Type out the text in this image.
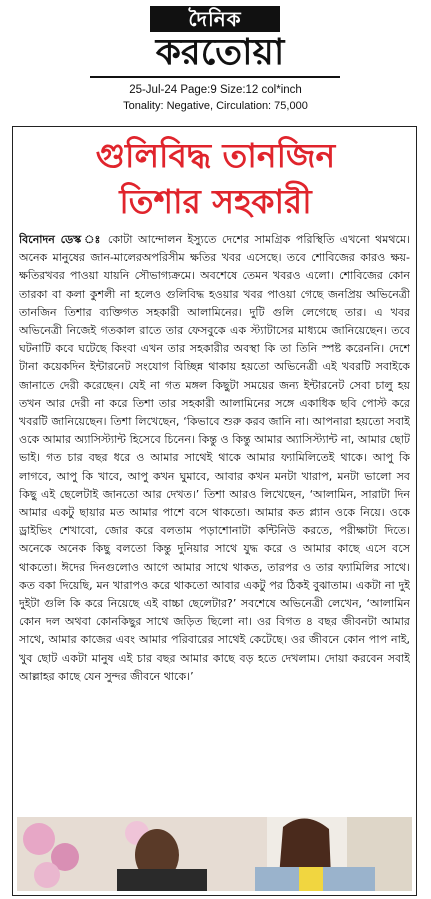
দৈনিক
করতোয়া
25-Jul-24 Page:9 Size:12 col*inch
Tonality: Negative, Circulation: 75,000
গুলিবিদ্ধ তানজিন
তিশার সহকারী
বিনোদন ডেস্ক ঃ কোটা আন্দোলন ইস্যুতে দেশের সামগ্রিক পরিস্থিতি এখনো থমথমে। অনেক মানুষের জান-মালেরঅপরিসীম ক্ষতির খবর এসেছে। তবে শোবিজের কারও ক্ষয়-ক্ষতিরখবর পাওয়া যায়নি সৌভাগ্যক্রমে। অবশেষে তেমন খবরও এলো। শোবিজের কোন তারকা বা কলা কুশলী না হলেও গুলিবিদ্ধ হওয়ার খবর পাওয়া গেছে জনপ্রিয় অভিনেত্রী তানজিন তিশার ব্যক্তিগত সহকারী আলামিনের। দুটি গুলি লেগেছে তার। এ খবর অভিনেত্রী নিজেই গতকাল রাতে তার ফেসবুকে এক স্ট্যাটাসের মাধ্যমে জানিয়েছেন। তবে ঘটনাটি কবে ঘটেছে কিংবা এখন তার সহকারীর অবস্থা কি তা তিনি স্পষ্ট করেননি। দেশে টানা কয়েকদিন ইন্টারনেট সংযোগ বিচ্ছিন্ন থাকায় হয়তো অভিনেত্রী এই খবরটি সবাইকে জানাতে দেরী করেছেন। যেই না গত মঙ্গল কিছুটা সময়ের জন্য ইন্টারনেট সেবা চালু হয় তখন আর দেরী না করে তিশা তার সহকারী আলামিনের সঙ্গে একাধিক ছবি পোস্ট করে খবরটি জানিয়েছেন। তিশা লিখেছেন, ‘কিভাবে শুরু করব জানি না। আপনারা হয়তো সবাই ওকে আমার অ্যাসিস্ট্যান্ট হিসেবে চিনেন। কিন্তু ও কিন্তু আমার অ্যাসিস্ট্যান্ট না, আমার ছোট ভাই। গত চার বছর ধরে ও আমার সাথেই থাকে আমার ফ্যামিলিতেই থাকে। আপু কি লাগবে, আপু কি খাবে, আপু কখন ঘুমাবে, আবার কখন মনটা খারাপ, মনটা ভালো সব কিছু এই ছেলেটাই জানতো আর দেখত।’ তিশা আরও লিখেছেন, ‘আলামিন, সারাটা দিন আমার একটু ছায়ার মত আমার পাশে বসে থাকতো। আমার কত প্ল্যান ওকে নিয়ে। ওকে ড্রাইভিং শেখাবো, জোর করে বলতাম পড়াশোনাটা কন্টিনিউ করতে, পরীক্ষাটা দিতে। অনেকে অনেক কিছু বলতো কিন্তু দুনিয়ার সাথে যুদ্ধ করে ও আমার কাছে এসে বসে থাকতো। ঈদের দিনগুলোও আগে আমার সাথে থাকত, তারপর ও তার ফ্যামিলির সাথে। কত বকা দিয়েছি, মন খারাপও করে থাকতো আবার একটু পর ঠিকই বুঝাতাম। একটা না দুই দুইটা গুলি কি করে নিয়েছে এই বাচ্চা ছেলেটার?’ সবশেষে অভিনেত্রী লেখেন, ‘আলামিন কোন দল অথবা কোনকিছুর সাথে জড়িত ছিলো না। ওর বিগত ৪ বছর জীবনটা আমার সাথে, আমার কাজের এবং আমার পরিবারের সাথেই কেটেছে। ওর জীবনে কোন পাপ নাই, খুব ছোট একটা মানুষ এই চার বছর আমার কাছে বড় হতে দেখলাম। দোয়া করবেন সবাই আল্লাহর কাছে যেন সুন্দর জীবনে থাকে।’
